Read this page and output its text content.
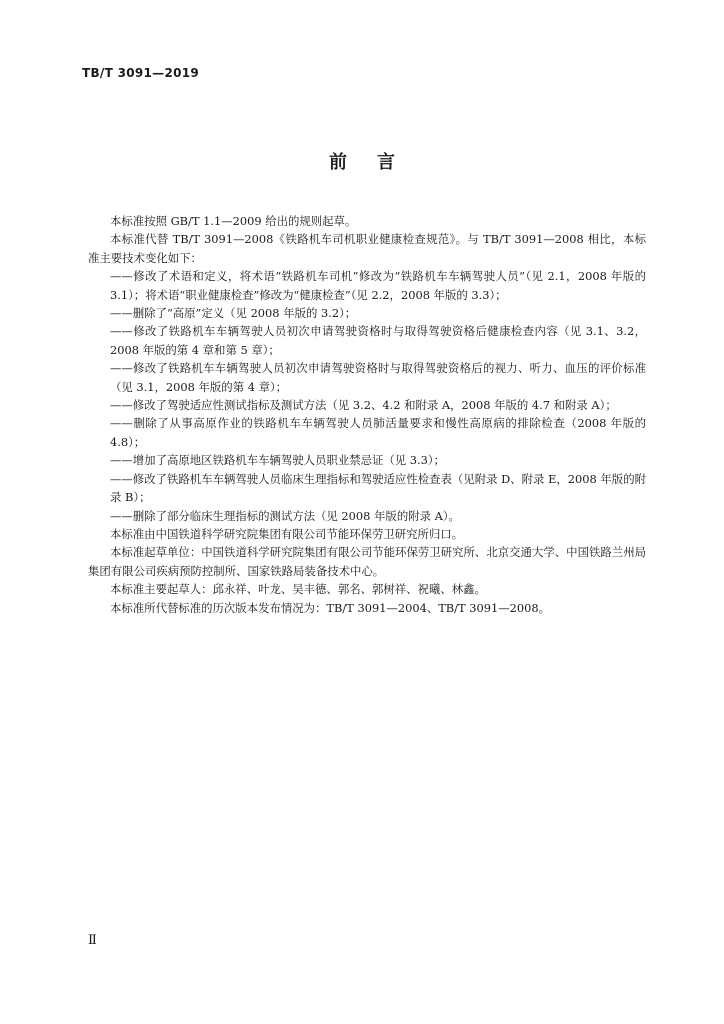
TB/T 3091—2019
前言

本标准按照 GB/T 1.1—2009 给出的规则起草。

本标准代替 TB/T 3091—2008《铁路机车司机职业健康检查规范》。与 TB/T 3091—2008 相比，本标准主要技术变化如下：

——修改了术语和定义，将术语“铁路机车司机”修改为“铁路机车车辆驾驶人员”（见 2.1，2008 年版的 3.1）；将术语“职业健康检查”修改为“健康检查”（见 2.2，2008 年版的 3.3）；

——删除了“高原”定义（见 2008 年版的 3.2）；

——修改了铁路机车车辆驾驶人员初次申请驾驶资格时与取得驾驶资格后健康检查内容（见 3.1、3.2，2008 年版的第 4 章和第 5 章）；

——修改了铁路机车车辆驾驶人员初次申请驾驶资格时与取得驾驶资格后的视力、听力、血压的评价标准（见 3.1，2008 年版的第 4 章）；

——修改了驾驶适应性测试指标及测试方法（见 3.2、4.2 和附录 A，2008 年版的 4.7 和附录 A）；

——删除了从事高原作业的铁路机车车辆驾驶人员肺活量要求和慢性高原病的排除检查（2008 年版的 4.8）；

——增加了高原地区铁路机车车辆驾驶人员职业禁忌证（见 3.3）；

——修改了铁路机车车辆驾驶人员临床生理指标和驾驶适应性检查表（见附录 D、附录 E，2008 年版的附录 B）；

——删除了部分临床生理指标的测试方法（见 2008 年版的附录 A）。

本标准由中国铁道科学研究院集团有限公司节能环保劳卫研究所归口。

本标准起草单位：中国铁道科学研究院集团有限公司节能环保劳卫研究所、北京交通大学、中国铁路兰州局集团有限公司疾病预防控制所、国家铁路局装备技术中心。

本标准主要起草人：邱永祥、叶龙、吴丰德、郭名、郭树祥、祝曦、林鑫。

本标准所代替标准的历次版本发布情况为：TB/T 3091—2004、TB/T 3091—2008。

Ⅱ
